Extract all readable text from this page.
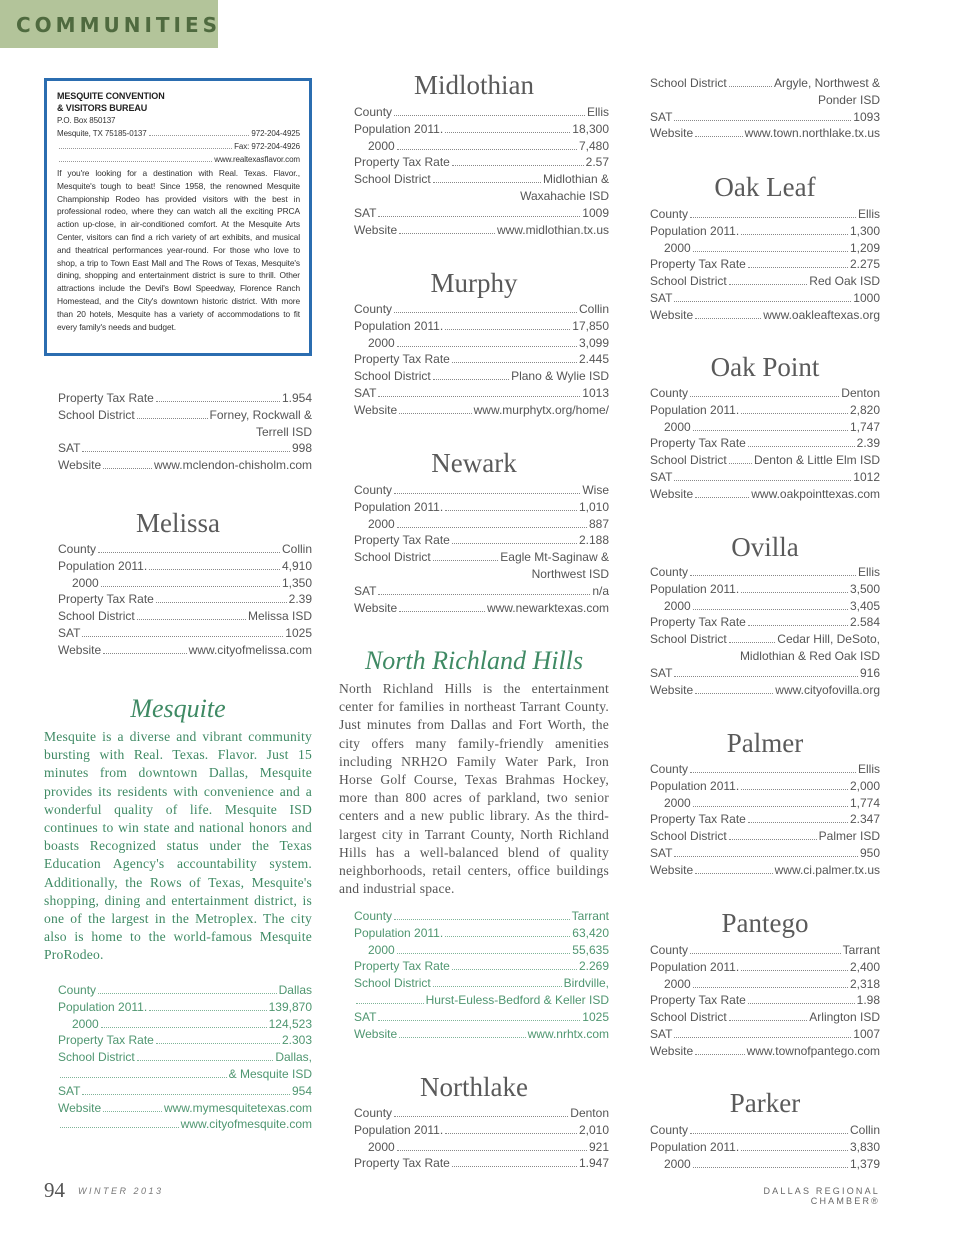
COMMUNITIES
MESQUITE CONVENTION
& VISITORS BUREAU
P.O. Box 850137
Mesquite, TX 75185-0137	972-204-4925
Fax: 972-204-4926
www.realtexasflavor.com
If you're looking for a destination with Real. Texas. Flavor., Mesquite's tough to beat! Since 1958, the renowned Mesquite Championship Rodeo has provided visitors with the best in professional rodeo, where they can watch all the exciting PRCA action up-close, in air-conditioned comfort. At the Mesquite Arts Center, visitors can find a rich variety of art exhibits, and musical and theatrical performances year-round. For those who love to shop, a trip to Town East Mall and The Rows of Texas, Mesquite's dining, shopping and entertainment district is sure to thrill. Other attractions include the Devil's Bowl Speedway, Florence Ranch Homestead, and the City's downtown historic district. With more than 20 hotels, Mesquite has a variety of accommodations to fit every family's needs and budget.
Property Tax Rate	1.954
School District	Forney, Rockwall &
Terrell ISD
SAT	998
Website	www.mclendon-chisholm.com
Melissa
County	Collin
Population 2011.	4,910
2000	1,350
Property Tax Rate	2.39
School District	Melissa ISD
SAT	1025
Website	www.cityofmelissa.com
Mesquite
Mesquite is a diverse and vibrant community bursting with Real. Texas. Flavor. Just 15 minutes from downtown Dallas, Mesquite provides its residents with convenience and a wonderful quality of life. Mesquite ISD continues to win state and national honors and boasts Recognized status under the Texas Education Agency's accountability system. Additionally, the Rows of Texas, Mesquite's shopping, dining and entertainment district, is one of the largest in the Metroplex. The city also is home to the world-famous Mesquite ProRodeo.
County	Dallas
Population 2011.	139,870
2000	124,523
Property Tax Rate	2.303
School District	Dallas,
& Mesquite ISD
SAT	954
Website	www.mymesquitetexas.com
www.cityofmesquite.com
Midlothian
County	Ellis
Population 2011.	18,300
2000	7,480
Property Tax Rate	2.57
School District	Midlothian &
Waxahachie ISD
SAT	1009
Website	www.midlothian.tx.us
Murphy
County	Collin
Population 2011.	17,850
2000	3,099
Property Tax Rate	2.445
School District	Plano & Wylie ISD
SAT	1013
Website	www.murphytx.org/home/
Newark
County	Wise
Population 2011.	1,010
2000	887
Property Tax Rate	2.188
School District	Eagle Mt-Saginaw &
Northwest ISD
SAT	n/a
Website	www.newarktexas.com
North Richland Hills
North Richland Hills is the entertainment center for families in northeast Tarrant County. Just minutes from Dallas and Fort Worth, the city offers many family-friendly amenities including NRH2O Family Water Park, Iron Horse Golf Course, Texas Brahmas Hockey, more than 800 acres of parkland, two senior centers and a new public library. As the third-largest city in Tarrant County, North Richland Hills has a well-balanced blend of quality neighborhoods, retail centers, office buildings and industrial space.
County	Tarrant
Population 2011.	63,420
2000	55,635
Property Tax Rate	2.269
School District	Birdville,
Hurst-Euless-Bedford & Keller ISD
SAT	1025
Website	www.nrhtx.com
Northlake
County	Denton
Population 2011.	2,010
2000	921
Property Tax Rate	1.947
School District	Argyle, Northwest &
Ponder ISD
SAT	1093
Website	www.town.northlake.tx.us
Oak Leaf
County	Ellis
Population 2011.	1,300
2000	1,209
Property Tax Rate	2.275
School District	Red Oak ISD
SAT	1000
Website	www.oakleaftexas.org
Oak Point
County	Denton
Population 2011.	2,820
2000	1,747
Property Tax Rate	2.39
School District Denton & Little Elm ISD
SAT	1012
Website	www.oakpointtexas.com
Ovilla
County	Ellis
Population 2011.	3,500
2000	3,405
Property Tax Rate	2.584
School District	Cedar Hill, DeSoto,
Midlothian & Red Oak ISD
SAT	916
Website	www.cityofovilla.org
Palmer
County	Ellis
Population 2011.	2,000
2000	1,774
Property Tax Rate	2.347
School District	Palmer ISD
SAT	950
Website	www.ci.palmer.tx.us
Pantego
County	Tarrant
Population 2011.	2,400
2000	2,318
Property Tax Rate	1.98
School District	Arlington ISD
SAT	1007
Website	www.townofpantego.com
Parker
County	Collin
Population 2011.	3,830
2000	1,379
94 WINTER 2013	DALLAS REGIONAL CHAMBER®
